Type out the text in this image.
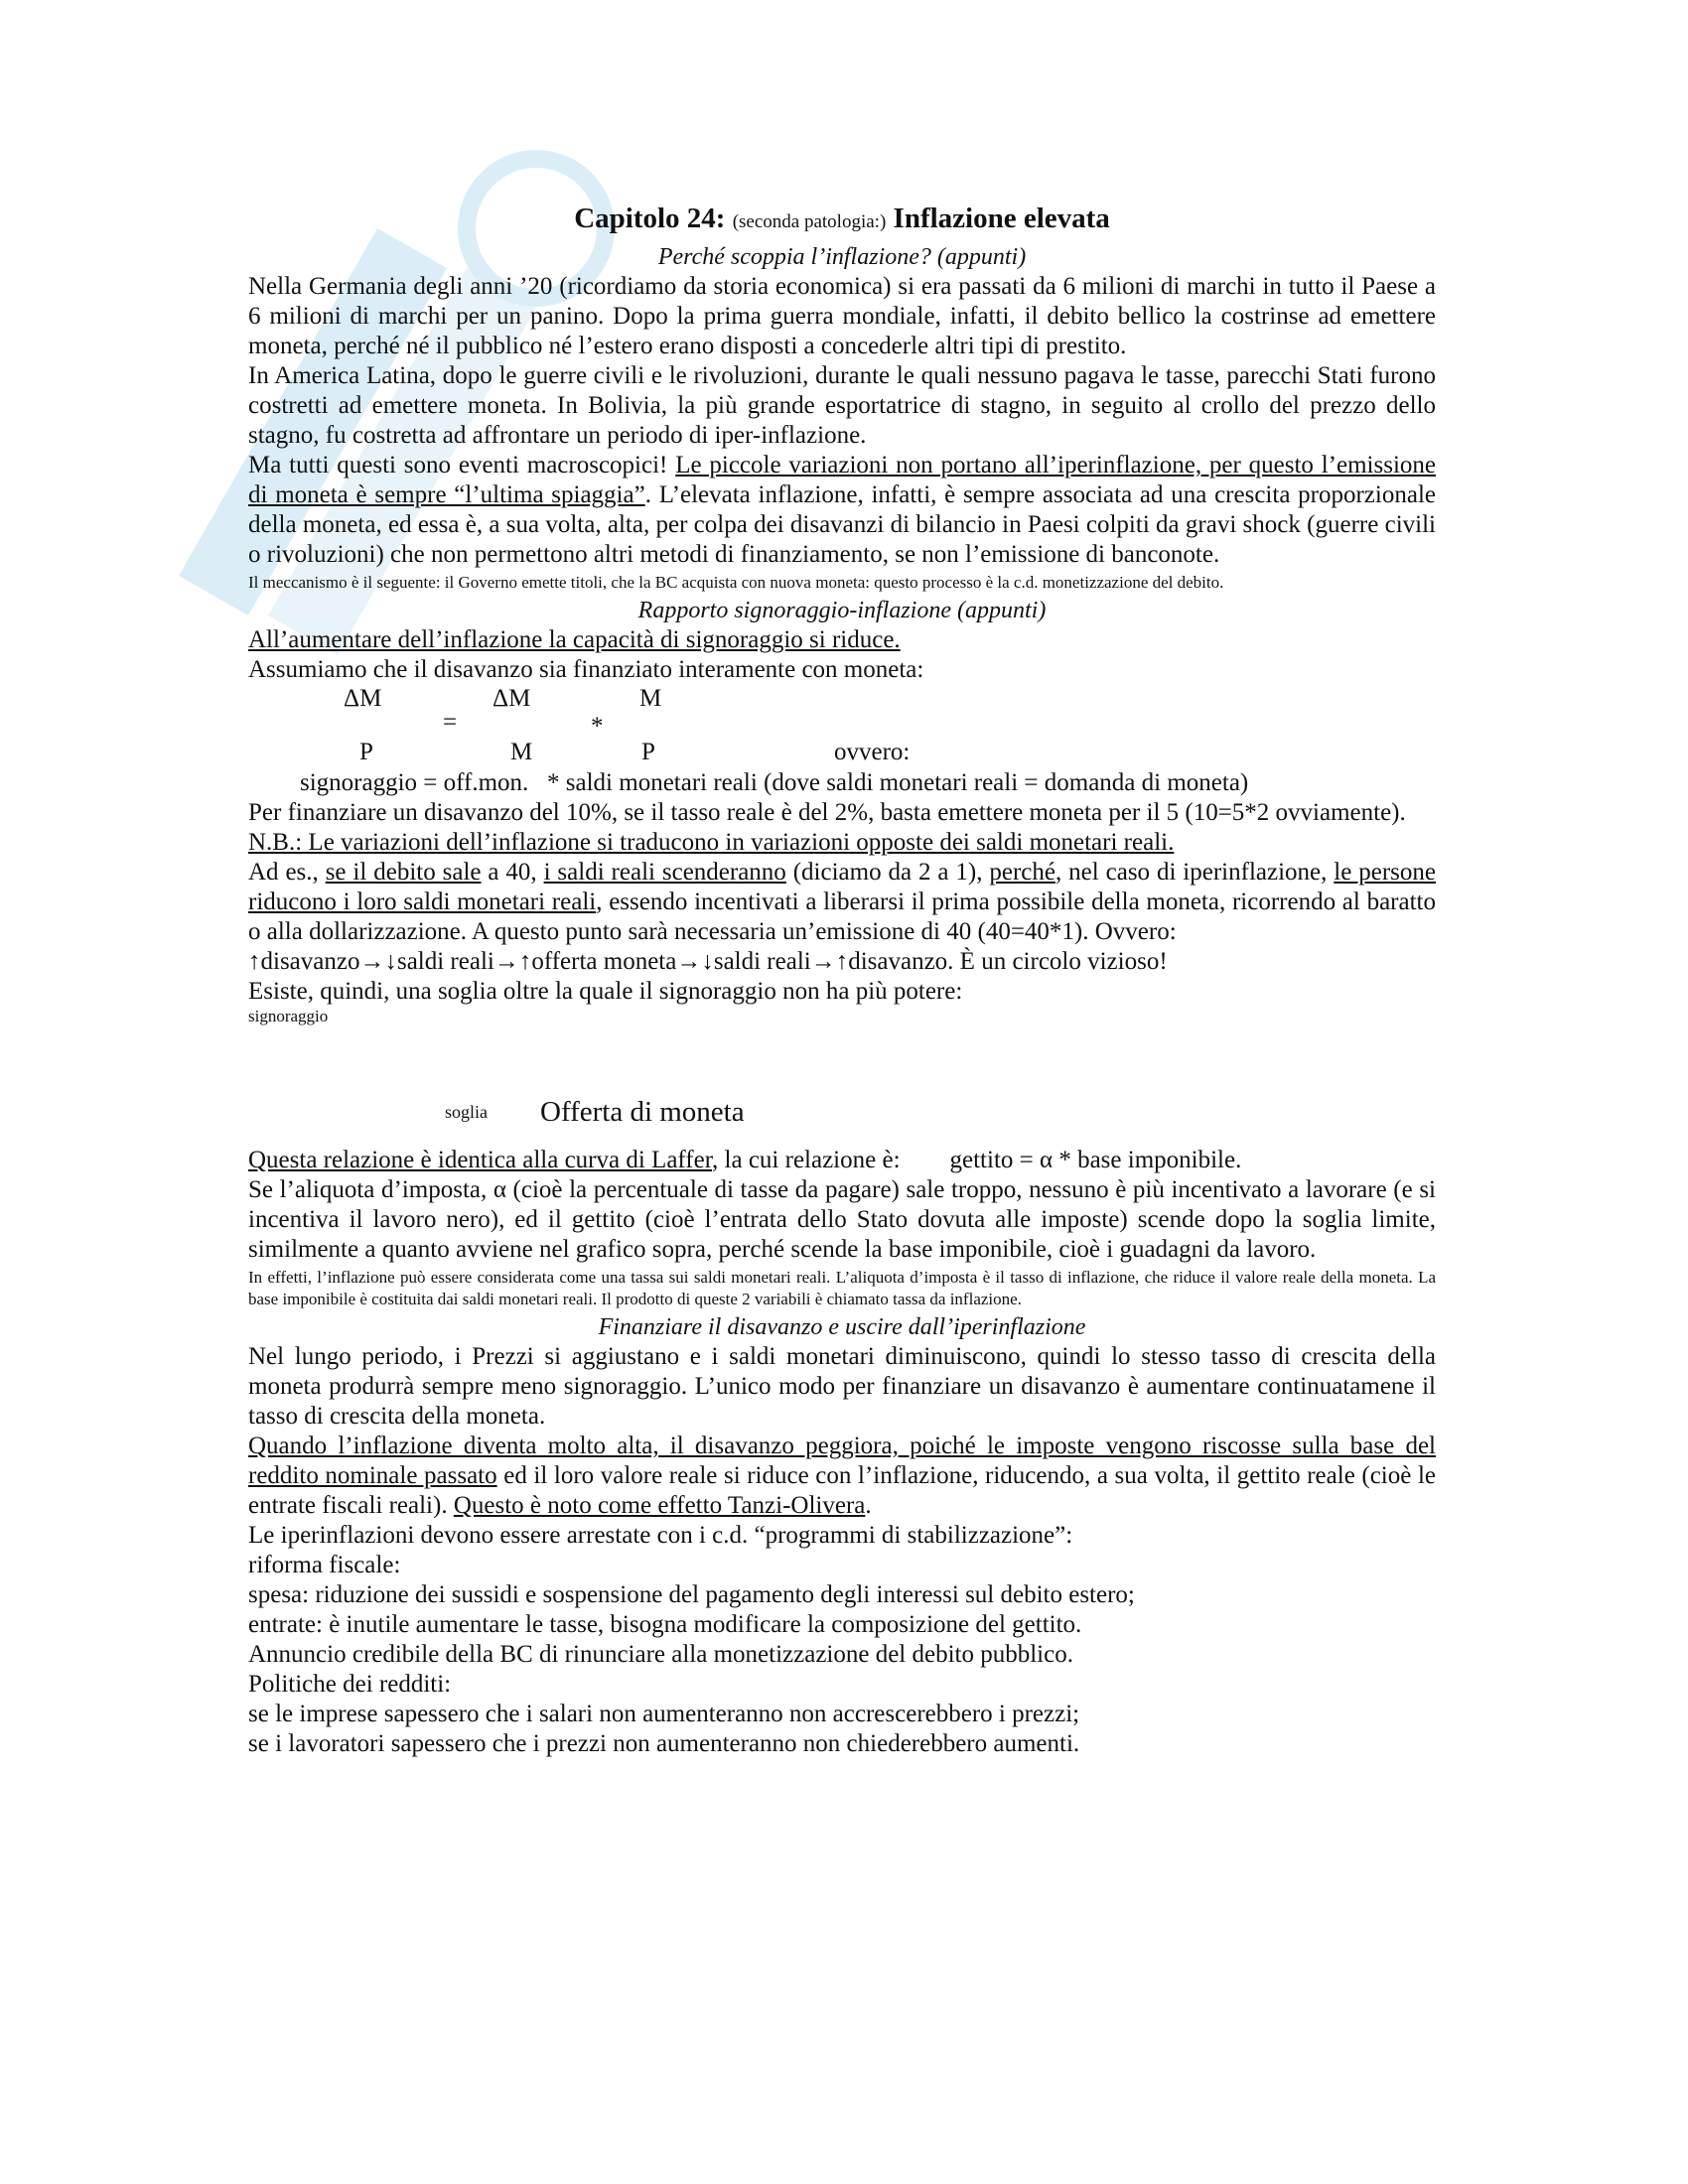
Capitolo 24: (seconda patologia:) Inflazione elevata

Perché scoppia l’inflazione? (appunti)

Nella Germania degli anni ’20 (ricordiamo da storia economica) si era passati da 6 milioni di marchi in tutto il Paese a 6 milioni di marchi per un panino. Dopo la prima guerra mondiale, infatti, il debito bellico la costrinse ad emettere moneta, perché né il pubblico né l’estero erano disposti a concederle altri tipi di prestito.

In America Latina, dopo le guerre civili e le rivoluzioni, durante le quali nessuno pagava le tasse, parecchi Stati furono costretti ad emettere moneta. In Bolivia, la più grande esportatrice di stagno, in seguito al crollo del prezzo dello stagno, fu costretta ad affrontare un periodo di iper-inflazione.

Ma tutti questi sono eventi macroscopici! Le piccole variazioni non portano all’iperinflazione, per questo l’emissione di moneta è sempre “l’ultima spiaggia”. L’elevata inflazione, infatti, è sempre associata ad una crescita proporzionale della moneta, ed essa è, a sua volta, alta, per colpa dei disavanzi di bilancio in Paesi colpiti da gravi shock (guerre civili o rivoluzioni) che non permettono altri metodi di finanziamento, se non l’emissione di banconote.

Il meccanismo è il seguente: il Governo emette titoli, che la BC acquista con nuova moneta: questo processo è la c.d. monetizzazione del debito.

Rapporto signoraggio-inflazione (appunti)

All’aumentare dell’inflazione la capacità di signoraggio si riduce.

Assumiamo che il disavanzo sia finanziato interamente con moneta:

ΔM	ΔM	M
=	*
P	M	P	ovvero:

signoraggio = off.mon.   * saldi monetari reali (dove saldi monetari reali = domanda di moneta)

Per finanziare un disavanzo del 10%, se il tasso reale è del 2%, basta emettere moneta per il 5 (10=5*2 ovviamente).

N.B.: Le variazioni dell’inflazione si traducono in variazioni opposte dei saldi monetari reali.

Ad es., se il debito sale a 40, i saldi reali scenderanno (diciamo da 2 a 1), perché, nel caso di iperinflazione, le persone riducono i loro saldi monetari reali, essendo incentivati a liberarsi il prima possibile della moneta, ricorrendo al baratto o alla dollarizzazione. A questo punto sarà necessaria un’emissione di 40 (40=40*1). Ovvero:

↑disavanzo→↓saldi reali→↑offerta moneta→↓saldi reali→↑disavanzo. È un circolo vizioso!

Esiste, quindi, una soglia oltre la quale il signoraggio non ha più potere:

signoraggio
soglia Offerta di moneta

Questa relazione è identica alla curva di Laffer, la cui relazione è:        gettito = α * base imponibile.

Se l’aliquota d’imposta, α (cioè la percentuale di tasse da pagare) sale troppo, nessuno è più incentivato a lavorare (e si incentiva il lavoro nero), ed il gettito (cioè l’entrata dello Stato dovuta alle imposte) scende dopo la soglia limite, similmente a quanto avviene nel grafico sopra, perché scende la base imponibile, cioè i guadagni da lavoro.

In effetti, l’inflazione può essere considerata come una tassa sui saldi monetari reali. L’aliquota d’imposta è il tasso di inflazione, che riduce il valore reale della moneta. La base imponibile è costituita dai saldi monetari reali. Il prodotto di queste 2 variabili è chiamato tassa da inflazione.

Finanziare il disavanzo e uscire dall’iperinflazione

Nel lungo periodo, i Prezzi si aggiustano e i saldi monetari diminuiscono, quindi lo stesso tasso di crescita della moneta produrrà sempre meno signoraggio. L’unico modo per finanziare un disavanzo è aumentare continuatamene il tasso di crescita della moneta.

Quando l’inflazione diventa molto alta, il disavanzo peggiora, poiché le imposte vengono riscosse sulla base del reddito nominale passato ed il loro valore reale si riduce con l’inflazione, riducendo, a sua volta, il gettito reale (cioè le entrate fiscali reali). Questo è noto come effetto Tanzi-Olivera.

Le iperinflazioni devono essere arrestate con i c.d. “programmi di stabilizzazione”:

riforma fiscale:

spesa: riduzione dei sussidi e sospensione del pagamento degli interessi sul debito estero;

entrate: è inutile aumentare le tasse, bisogna modificare la composizione del gettito.

Annuncio credibile della BC di rinunciare alla monetizzazione del debito pubblico.

Politiche dei redditi:

se le imprese sapessero che i salari non aumenteranno non accrescerebbero i prezzi;

se i lavoratori sapessero che i prezzi non aumenteranno non chiederebbero aumenti.
